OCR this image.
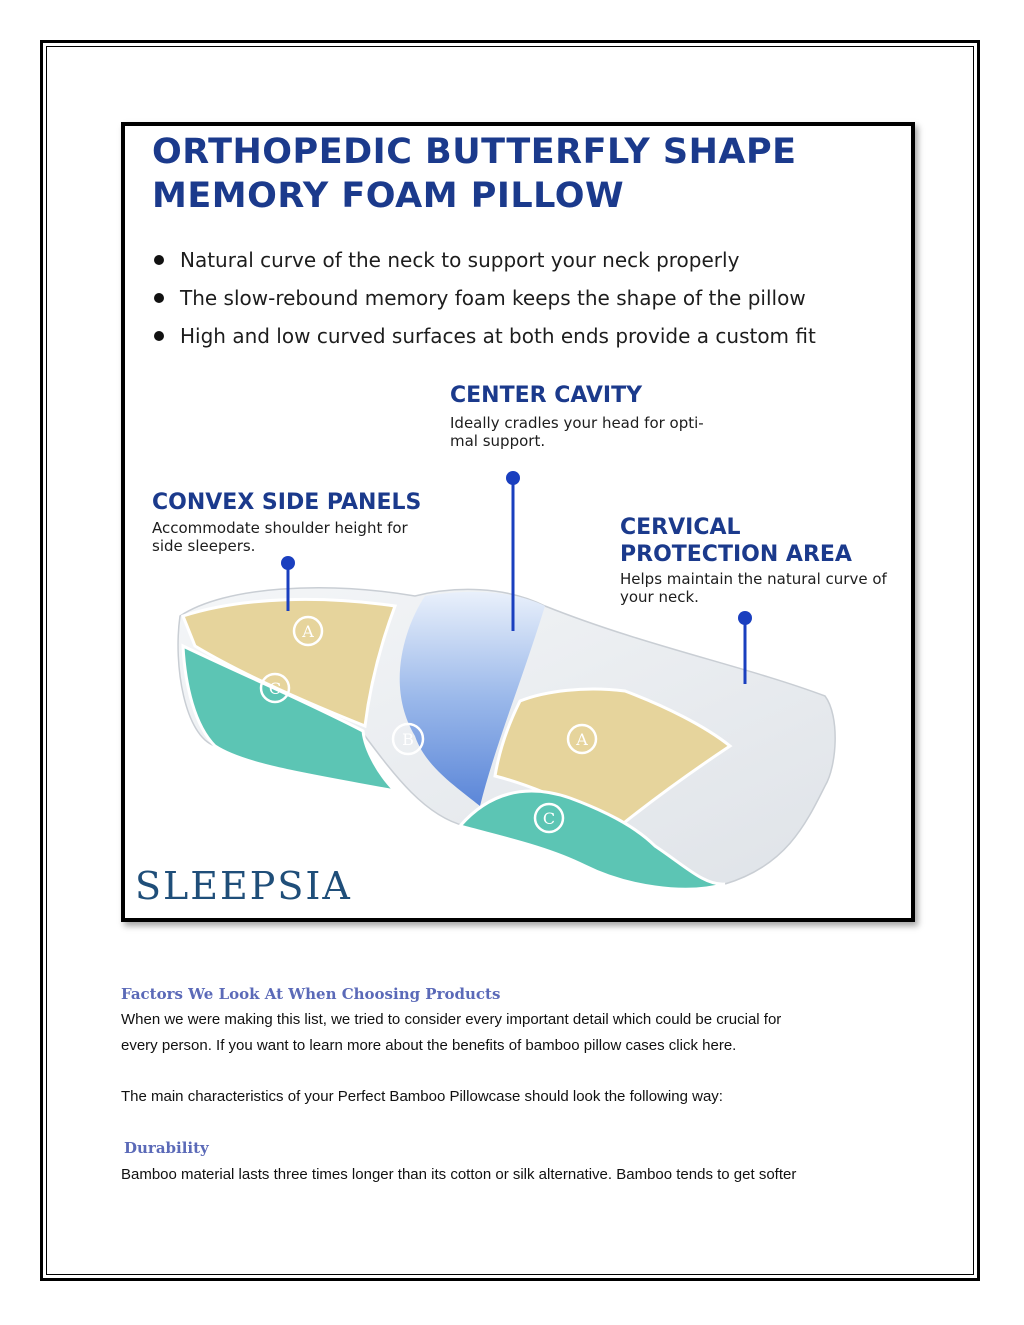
ORTHOPEDIC BUTTERFLY SHAPE
MEMORY FOAM PILLOW
Natural curve of the neck to support your neck properly
The slow-rebound memory foam keeps the shape of the pillow
High and low curved surfaces at both ends provide a custom fit

CENTER CAVITY

Ideally cradles your head for opti-
mal support.

CONVEX SIDE PANELS

Accommodate shoulder height for
side sleepers.

CERVICAL
PROTECTION AREA

Helps maintain the natural curve of
your neck.

A
C
B	A
C
SLEEPSIA
Factors We Look At When Choosing Products

When we were making this list, we tried to consider every important detail which could be crucial for
every person. If you want to learn more about the benefits of bamboo pillow cases click here.

The main characteristics of your Perfect Bamboo Pillowcase should look the following way:

Durability

Bamboo material lasts three times longer than its cotton or silk alternative. Bamboo tends to get softer
